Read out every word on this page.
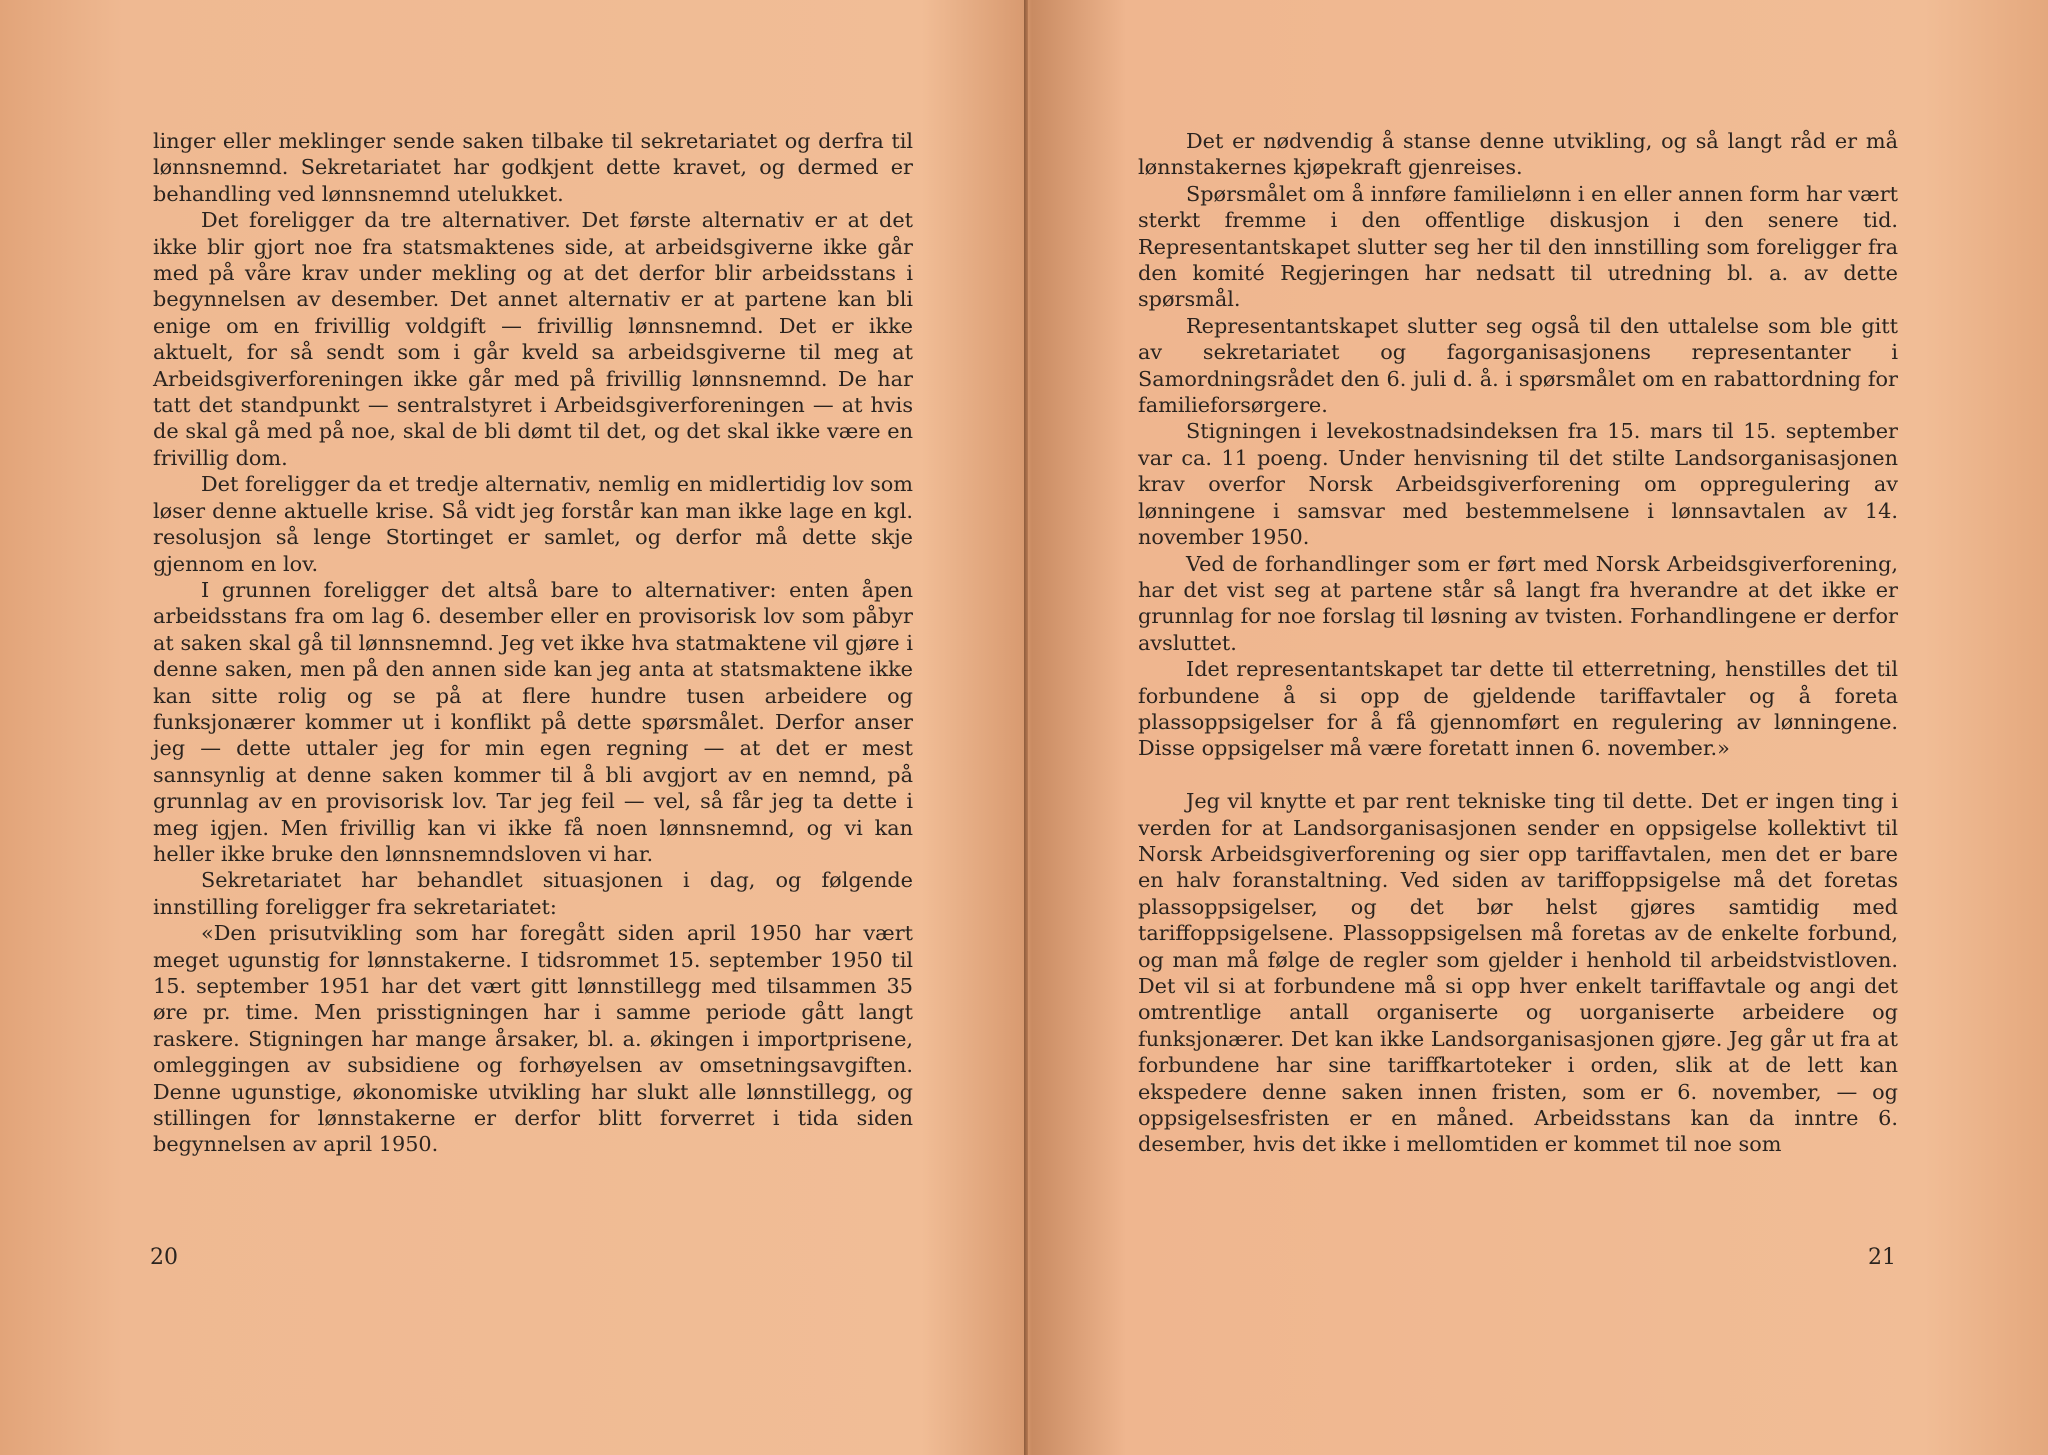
linger eller meklinger sende saken tilbake til sekretariatet og derfra til lønnsnemnd. Sekretariatet har godkjent dette kravet, og dermed er behandling ved lønnsnemnd utelukket.

Det foreligger da tre alternativer. Det første alternativ er at det ikke blir gjort noe fra statsmaktenes side, at arbeidsgiverne ikke går med på våre krav under mekling og at det derfor blir arbeidsstans i begynnelsen av desember. Det annet alternativ er at partene kan bli enige om en frivillig voldgift — frivillig lønnsnemnd. Det er ikke aktuelt, for så sendt som i går kveld sa arbeidsgiverne til meg at Arbeidsgiverforeningen ikke går med på frivillig lønnsnemnd. De har tatt det standpunkt — sentralstyret i Arbeidsgiverforeningen — at hvis de skal gå med på noe, skal de bli dømt til det, og det skal ikke være en frivillig dom.

Det foreligger da et tredje alternativ, nemlig en midlertidig lov som løser denne aktuelle krise. Så vidt jeg forstår kan man ikke lage en kgl. resolusjon så lenge Stortinget er samlet, og derfor må dette skje gjennom en lov.

I grunnen foreligger det altså bare to alternativer: enten åpen arbeidsstans fra om lag 6. desember eller en provisorisk lov som påbyr at saken skal gå til lønnsnemnd. Jeg vet ikke hva statmaktene vil gjøre i denne saken, men på den annen side kan jeg anta at statsmaktene ikke kan sitte rolig og se på at flere hundre tusen arbeidere og funksjonærer kommer ut i konflikt på dette spørsmålet. Derfor anser jeg — dette uttaler jeg for min egen regning — at det er mest sannsynlig at denne saken kommer til å bli avgjort av en nemnd, på grunnlag av en provisorisk lov. Tar jeg feil — vel, så får jeg ta dette i meg igjen. Men frivillig kan vi ikke få noen lønnsnemnd, og vi kan heller ikke bruke den lønnsnemndsloven vi har.

Sekretariatet har behandlet situasjonen i dag, og følgende innstilling foreligger fra sekretariatet:

«Den prisutvikling som har foregått siden april 1950 har vært meget ugunstig for lønnstakerne. I tidsrommet 15. september 1950 til 15. september 1951 har det vært gitt lønnstillegg med tilsammen 35 øre pr. time. Men prisstigningen har i samme periode gått langt raskere. Stigningen har mange årsaker, bl. a. økingen i importprisene, omleggingen av subsidiene og forhøyelsen av omsetningsavgiften. Denne ugunstige, økonomiske utvikling har slukt alle lønnstillegg, og stillingen for lønnstakerne er derfor blitt forverret i tida siden begynnelsen av april 1950.

20

Det er nødvendig å stanse denne utvikling, og så langt råd er må lønnstakernes kjøpekraft gjenreises.

Spørsmålet om å innføre familielønn i en eller annen form har vært sterkt fremme i den offentlige diskusjon i den senere tid. Representantskapet slutter seg her til den innstilling som foreligger fra den komité Regjeringen har nedsatt til utredning bl. a. av dette spørsmål.

Representantskapet slutter seg også til den uttalelse som ble gitt av sekretariatet og fagorganisasjonens representanter i Samordningsrådet den 6. juli d. å. i spørsmålet om en rabattordning for familieforsørgere.

Stigningen i levekostnadsindeksen fra 15. mars til 15. september var ca. 11 poeng. Under henvisning til det stilte Landsorganisasjonen krav overfor Norsk Arbeidsgiverforening om oppregulering av lønningene i samsvar med bestemmelsene i lønnsavtalen av 14. november 1950.

Ved de forhandlinger som er ført med Norsk Arbeidsgiverforening, har det vist seg at partene står så langt fra hverandre at det ikke er grunnlag for noe forslag til løsning av tvisten. Forhandlingene er derfor avsluttet.

Idet representantskapet tar dette til etterretning, henstilles det til forbundene å si opp de gjeldende tariffavtaler og å foreta plassoppsigelser for å få gjennomført en regulering av lønningene. Disse oppsigelser må være foretatt innen 6. november.»

Jeg vil knytte et par rent tekniske ting til dette. Det er ingen ting i verden for at Landsorganisasjonen sender en oppsigelse kollektivt til Norsk Arbeidsgiverforening og sier opp tariffavtalen, men det er bare en halv foranstaltning. Ved siden av tariffoppsigelse må det foretas plassoppsigelser, og det bør helst gjøres samtidig med tariffoppsigelsene. Plassoppsigelsen må foretas av de enkelte forbund, og man må følge de regler som gjelder i henhold til arbeidstvistloven. Det vil si at forbundene må si opp hver enkelt tariffavtale og angi det omtrentlige antall organiserte og uorganiserte arbeidere og funksjonærer. Det kan ikke Landsorganisasjonen gjøre. Jeg går ut fra at forbundene har sine tariffkartoteker i orden, slik at de lett kan ekspedere denne saken innen fristen, som er 6. november, — og oppsigelsesfristen er en måned. Arbeidsstans kan da inntre 6. desember, hvis det ikke i mellomtiden er kommet til noe som

21
